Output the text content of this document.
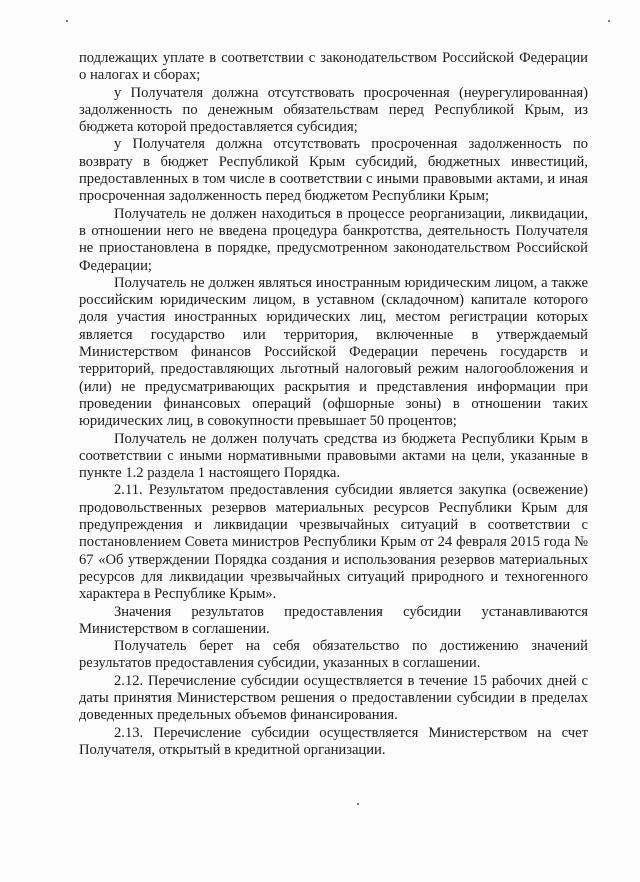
подлежащих уплате в соответствии с законодательством Российской Федерации о налогах и сборах;

у Получателя должна отсутствовать просроченная (неурегулированная) задолженность по денежным обязательствам перед Республикой Крым, из бюджета которой предоставляется субсидия;

у Получателя должна отсутствовать просроченная задолженность по возврату в бюджет Республикой Крым субсидий, бюджетных инвестиций, предоставленных в том числе в соответствии с иными правовыми актами, и иная просроченная задолженность перед бюджетом Республики Крым;

Получатель не должен находиться в процессе реорганизации, ликвидации, в отношении него не введена процедура банкротства, деятельность Получателя не приостановлена в порядке, предусмотренном законодательством Российской Федерации;

Получатель не должен являться иностранным юридическим лицом, а также российским юридическим лицом, в уставном (складочном) капитале которого доля участия иностранных юридических лиц, местом регистрации которых является государство или территория, включенные в утверждаемый Министерством финансов Российской Федерации перечень государств и территорий, предоставляющих льготный налоговый режим налогообложения и (или) не предусматривающих раскрытия и представления информации при проведении финансовых операций (офшорные зоны) в отношении таких юридических лиц, в совокупности превышает 50 процентов;

Получатель не должен получать средства из бюджета Республики Крым в соответствии с иными нормативными правовыми актами на цели, указанные в пункте 1.2 раздела 1 настоящего Порядка.

2.11. Результатом предоставления субсидии является закупка (освежение) продовольственных резервов материальных ресурсов Республики Крым для предупреждения и ликвидации чрезвычайных ситуаций в соответствии с постановлением Совета министров Республики Крым от 24 февраля 2015 года № 67 «Об утверждении Порядка создания и использования резервов материальных ресурсов для ликвидации чрезвычайных ситуаций природного и техногенного характера в Республике Крым».

Значения результатов предоставления субсидии устанавливаются Министерством в соглашении.

Получатель берет на себя обязательство по достижению значений результатов предоставления субсидии, указанных в соглашении.

2.12. Перечисление субсидии осуществляется в течение 15 рабочих дней с даты принятия Министерством решения о предоставлении субсидии в пределах доведенных предельных объемов финансирования.

2.13. Перечисление субсидии осуществляется Министерством на счет Получателя, открытый в кредитной организации.
